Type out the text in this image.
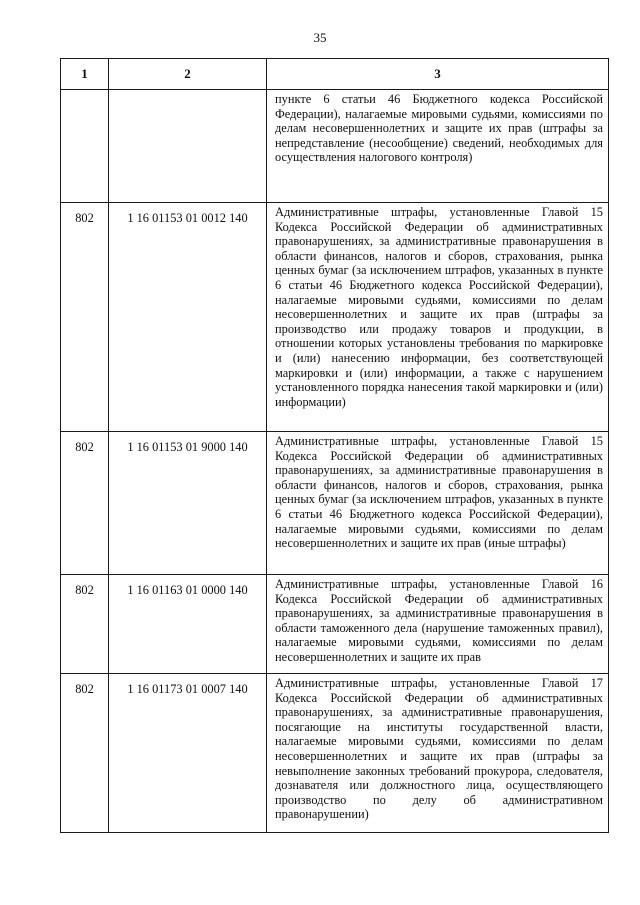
35
1	2	3
		пункте 6 статьи 46 Бюджетного кодекса Российской Федерации), налагаемые мировыми судьями, комиссиями по делам несовершеннолетних и защите их прав (штрафы за непредставление (несообщение) сведений, необходимых для осуществления налогового контроля)
802	1 16 01153 01 0012 140	Административные штрафы, установленные Главой 15 Кодекса Российской Федерации об административных правонарушениях, за административные правонарушения в области финансов, налогов и сборов, страхования, рынка ценных бумаг (за исключением штрафов, указанных в пункте 6 статьи 46 Бюджетного кодекса Российской Федерации), налагаемые мировыми судьями, комиссиями по делам несовершеннолетних и защите их прав (штрафы за производство или продажу товаров и продукции, в отношении которых установлены требования по маркировке и (или) нанесению информации, без соответствующей маркировки и (или) информации, а также с нарушением установленного порядка нанесения такой маркировки и (или) информации)
802	1 16 01153 01 9000 140	Административные штрафы, установленные Главой 15 Кодекса Российской Федерации об административных правонарушениях, за административные правонарушения в области финансов, налогов и сборов, страхования, рынка ценных бумаг (за исключением штрафов, указанных в пункте 6 статьи 46 Бюджетного кодекса Российской Федерации), налагаемые мировыми судьями, комиссиями по делам несовершеннолетних и защите их прав (иные штрафы)
802	1 16 01163 01 0000 140	Административные штрафы, установленные Главой 16 Кодекса Российской Федерации об административных правонарушениях, за административные правонарушения в области таможенного дела (нарушение таможенных правил), налагаемые мировыми судьями, комиссиями по делам несовершеннолетних и защите их прав
802	1 16 01173 01 0007 140	Административные штрафы, установленные Главой 17 Кодекса Российской Федерации об административных правонарушениях, за административные правонарушения, посягающие на институты государственной власти, налагаемые мировыми судьями, комиссиями по делам несовершеннолетних и защите их прав (штрафы за невыполнение законных требований прокурора, следователя, дознавателя или должностного лица, осуществляющего производство по делу об административном правонарушении)
